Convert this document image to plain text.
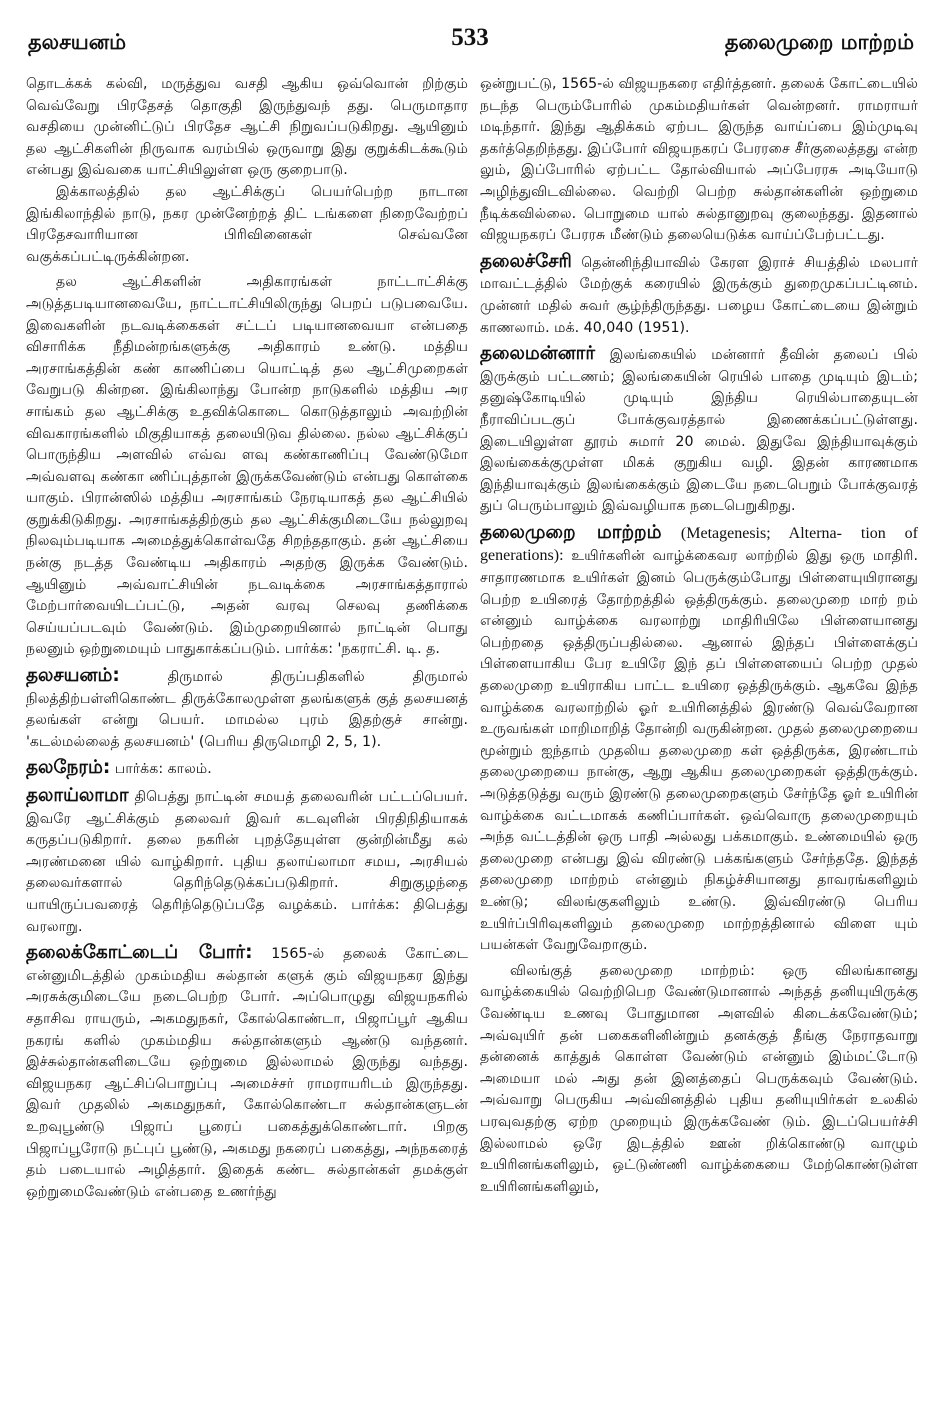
தலசயனம்	533	தலைமுறை மாற்றம்

தொடக்கக் கல்வி, மருத்துவ வசதி ஆகிய ஒவ்வொன் றிற்கும் வெவ்வேறு பிரதேசத் தொகுதி இருந்துவந் தது. பெருமாதார வசதியை முன்னிட்டுப் பிரதேச ஆட்சி நிறுவப்படுகிறது. ஆயினும் தல ஆட்சிகளின் நிருவாக வரம்பில் ஒருவாறு இது குறுக்கிடக்கூடும் என்பது இவ்வகை யாட்சியிலுள்ள ஒரு குறைபாடு.

இக்காலத்தில் தல ஆட்சிக்குப் பெயர்பெற்ற நாடான இங்கிலாந்தில் நாடு, நகர முன்னேற்றத் திட் டங்களை நிறைவேற்றப் பிரதேசவாரியான பிரிவினைகள் செவ்வனே வகுக்கப்பட்டிருக்கின்றன.

தல ஆட்சிகளின் அதிகாரங்கள் நாட்டாட்சிக்கு அடுத்தபடியானவையே, நாட்டாட்சியிலிருந்து பெறப் படுபவையே. இவைகளின் நடவடிக்கைகள் சட்டப் படியானவையா என்பதை விசாரிக்க நீதிமன்றங்களுக்கு அதிகாரம் உண்டு. மத்திய அரசாங்கத்தின் கண் காணிப்பை யொட்டித் தல ஆட்சிமுறைகள் வேறுபடு கின்றன. இங்கிலாந்து போன்ற நாடுகளில் மத்திய அர சாங்கம் தல ஆட்சிக்கு உதவிக்கொடை கொடுத்தாலும் அவற்றின் விவகாரங்களில் மிகுதியாகத் தலையிடுவ தில்லை. நல்ல ஆட்சிக்குப் பொருந்திய அளவில் எவ்வ ளவு கண்காணிப்பு வேண்டுமோ அவ்வளவு கண்கா ணிப்புத்தான் இருக்கவேண்டும் என்பது கொள்கை யாகும். பிரான்ஸில் மத்திய அரசாங்கம் நேரடியாகத் தல ஆட்சியில் குறுக்கிடுகிறது. அரசாங்கத்திற்கும் தல ஆட்சிக்குமிடையே நல்லுறவு நிலவும்படியாக அமைத்துக்கொள்வதே சிறந்ததாகும். தன் ஆட்சியை நன்கு நடத்த வேண்டிய அதிகாரம் அதற்கு இருக்க வேண்டும். ஆயினும் அவ்வாட்சியின் நடவடிக்கை அரசாங்கத்தாரால் மேற்பார்வையிடப்பட்டு, அதன் வரவு செலவு தணிக்கை செய்யப்படவும் வேண்டும். இம்முறையினால் நாட்டின் பொது நலனும் ஒற்றுமையும் பாதுகாக்கப்படும். பார்க்க: 'நகராட்சி. டி. த.

தலசயனம்:	திருமால் திருப்பதிகளில் திருமால் நிலத்திற்பள்ளிகொண்ட திருக்கோலமுள்ள தலங்களுக் குத் தலசயனத் தலங்கள் என்று பெயர். மாமல்ல புரம் இதற்குச் சான்று. 'கடல்மல்லைத் தலசயனம்' (பெரிய திருமொழி 2, 5, 1).

தலநேரம்: பார்க்க: காலம்.

தலாய்லாமா திபெத்து நாட்டின் சமயத் தலைவரின் பட்டப்பெயர். இவரே ஆட்சிக்கும் தலைவர் இவர் கடவுளின் பிரதிநிதியாகக் கருதப்படுகிறார். தலை நகரின் புறத்தேயுள்ள குன்றின்மீது கல் அரண்மனை யில் வாழ்கிறார். புதிய தலாய்லாமா சமய, அரசியல் தலைவர்களால் தெரிந்தெடுக்கப்படுகிறார். சிறுகுழந்தை யாயிருப்பவரைத் தெரிந்தெடுப்பதே வழக்கம். பார்க்க: திபெத்து வரலாறு.

தலைக்கோட்டைப் போர்: 1565-ல் தலைக் கோட்டை என்னுமிடத்தில் முகம்மதிய சுல்தான் களுக் கும் விஜயநகர இந்து அரசுக்குமிடையே நடைபெற்ற போர். அப்பொழுது விஜயநகரில் சதாசிவ ராயரும், அகமதுநகர், கோல்கொண்டா, பிஜாப்பூர் ஆகிய நகரங் களில் முகம்மதிய சுல்தான்களும் ஆண்டு வந்தனர். இச்சுல்தான்களிடையே ஒற்றுமை இல்லாமல் இருந்து வந்தது. விஜயநகர ஆட்சிப்பொறுப்பு அமைச்சர் ராமராயரிடம் இருந்தது. இவர் முதலில் அகமதுநகர், கோல்கொண்டா சுல்தான்களுடன் உறவுபூண்டு பிஜாப் பூரைப் பகைத்துக்கொண்டார். பிறகு பிஜாப்பூரோடு நட்புப் பூண்டு, அகமது நகரைப் பகைத்து, அந்நகரைத் தம் படையால் அழித்தார். இதைக் கண்ட சுல்தான்கள் தமக்குள் ஒற்றுமைவேண்டும் என்பதை உணர்ந்து

ஒன்றுபட்டு, 1565-ல் விஜயநகரை எதிர்த்தனர். தலைக் கோட்டையில் நடந்த பெரும்போரில் முகம்மதியர்கள் வென்றனர். ராமராயர் மடிந்தார். இந்து ஆதிக்கம் ஏற்பட இருந்த வாய்ப்பை இம்முடிவு தகர்த்தெறிந்தது. இப்போர் விஜயநகரப் பேரரசை சீர்குலைத்தது என்ற லும், இப்போரில் ஏற்பட்ட தோல்வியால் அப்பேரரசு அடியோடு அழிந்துவிடவில்லை. வெற்றி பெற்ற சுல்தான்களின் ஒற்றுமை நீடிக்கவில்லை. பொறுமை யால் சுல்தானுறவு குலைந்தது. இதனால் விஜயநகரப் பேரரசு மீண்டும் தலையெடுக்க வாய்ப்பேற்பட்டது.

தலைச்சேரி தென்னிந்தியாவில் கேரள இராச் சியத்தில் மலபார் மாவட்டத்தில் மேற்குக் கரையில் இருக்கும் துறைமுகப்பட்டினம். முன்னர் மதில் சுவர் சூழ்ந்திருந்தது. பழைய கோட்டையை இன்றும் காணலாம். மக். 40,040 (1951).

தலைமன்னார் இலங்கையில் மன்னார் தீவின் தலைப் பில் இருக்கும் பட்டணம்; இலங்கையின் ரெயில் பாதை முடியும் இடம்; தனுஷ்கோடியில் முடியும் இந்திய ரெயில்பாதையுடன் நீராவிப்படகுப் போக்குவரத்தால் இணைக்கப்பட்டுள்ளது. இடையிலுள்ள தூரம் சுமார் 20 மைல். இதுவே இந்தியாவுக்கும் இலங்கைக்குமுள்ள மிகக் குறுகிய வழி. இதன் காரணமாக இந்தியாவுக்கும் இலங்கைக்கும் இடையே நடைபெறும் போக்குவரத் துப் பெரும்பாலும் இவ்வழியாக நடைபெறுகிறது.

தலைமுறை மாற்றம் (Metagenesis; Alterna- tion of generations): உயிர்களின் வாழ்க்கைவர லாற்றில் இது ஒரு மாதிரி. சாதாரணமாக உயிர்கள் இனம் பெருக்கும்போது பிள்ளையுயிரானது பெற்ற உயிரைத் தோற்றத்தில் ஒத்திருக்கும். தலைமுறை மாற் றம் என்னும் வாழ்க்கை வரலாற்று மாதிரியிலே பிள்ளையானது பெற்றதை ஒத்திருப்பதில்லை. ஆனால் இந்தப் பிள்ளைக்குப் பிள்ளையாகிய பேர உயிரே இந் தப் பிள்ளையைப் பெற்ற முதல் தலைமுறை உயிராகிய பாட்ட உயிரை ஒத்திருக்கும். ஆகவே இந்த வாழ்க்கை வரலாற்றில் ஓர் உயிரினத்தில் இரண்டு வெவ்வேறான உருவங்கள் மாறிமாறித் தோன்றி வருகின்றன. முதல் தலைமுறையை மூன்றும் ஐந்தாம் முதலிய தலைமுறை கள் ஒத்திருக்க, இரண்டாம் தலைமுறையை நான்கு, ஆறு ஆகிய தலைமுறைகள் ஒத்திருக்கும். அடுத்தடுத்து வரும் இரண்டு தலைமுறைகளும் சேர்ந்தே ஓர் உயிரின் வாழ்க்கை வட்டமாகக் கணிப்பார்கள். ஒவ்வொரு தலைமுறையும் அந்த வட்டத்தின் ஒரு பாதி அல்லது பக்கமாகும். உண்மையில் ஒரு தலைமுறை என்பது இவ் விரண்டு பக்கங்களும் சேர்ந்ததே. இந்தத் தலைமுறை மாற்றம் என்னும் நிகழ்ச்சியானது தாவரங்களிலும் உண்டு; விலங்குகளிலும் உண்டு. இவ்விரண்டு பெரிய உயிர்ப்பிரிவுகளிலும் தலைமுறை மாற்றத்தினால் விளை யும் பயன்கள் வேறுவேறாகும்.

விலங்குத் தலைமுறை மாற்றம்: ஒரு விலங்கானது வாழ்க்கையில் வெற்றிபெற வேண்டுமானால் அந்தத் தனியுயிருக்கு வேண்டிய உணவு போதுமான அளவில் கிடைக்கவேண்டும்; அவ்வுயிர் தன் பகைகளினின்றும் தனக்குத் தீங்கு நேராதவாறு தன்னைக் காத்துக் கொள்ள வேண்டும் என்னும் இம்மட்டோடு அமையா மல் அது தன் இனத்தைப் பெருக்கவும் வேண்டும். அவ்வாறு பெருகிய அவ்வினத்தில் புதிய தனியுயிர்கள் உலகில் பரவுவதற்கு ஏற்ற முறையும் இருக்கவேண் டும். இடப்பெயர்ச்சி இல்லாமல் ஒரே இடத்தில் ஊன் றிக்கொண்டு வாழும் உயிரினங்களிலும், ஒட்டுண்ணி வாழ்க்கையை மேற்கொண்டுள்ள உயிரினங்களிலும்,
